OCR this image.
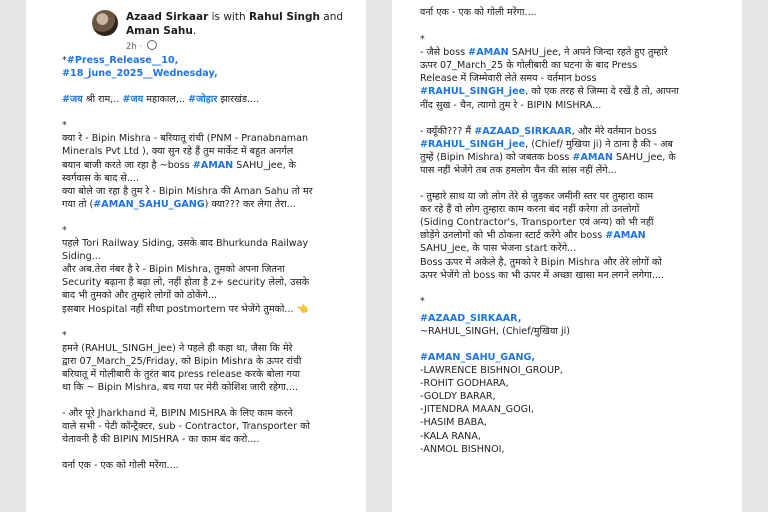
Azaad Sirkaar is with Rahul Singh and Aman Sahu.
2h ·

*#Press_Release__10,
#18_june_2025__Wednesday,

#जय श्री राम,.. #जय महाकाल,.. #जोहार झारखंड....

*
क्या रे - Bipin Mishra - बरियातू रांची (PNM - Pranabnaman
Minerals Pvt Ltd ), क्या सुन रहे हैं तुम मार्केट में बहुत अनर्गल
बयान बाजी करते जा रहा है ~boss #AMAN SAHU_jee, के
स्वर्गवास के बाद से....
क्या बोले जा रहा है तुम रे - Bipin Mishra की Aman Sahu तो मर
गया तो (#AMAN_SAHU_GANG) क्या??? कर लेगा तेरा...

*
पहले Tori Railway Siding, उसके बाद Bhurkunda Railway
Siding...
और अब.तेरा नंबर है रे - Bipin Mishra, तुमको अपना जितना
Security बढ़ाना है बढ़ा लो, नहीं होता है z+ security लेलो, उसके
बाद भी तुमको और तुम्हारे लोगों को ठोकेंगे...
इसबार Hospital नहीं सीधा postmortem पर भेजेंगे तुमको... 👈

*
हमने (RAHUL_SINGH_jee) ने पहले ही कहा था, जैसा कि मेरे
द्वारा 07_March_25/Friday, को Bipin Mishra के ऊपर रांची
बरियातू में गोलीबारी के तुरंत बाद press release करके बोला गया
था कि ~ Bipin Mishra, बच गया पर मेरी कोशिश जारी रहेगा....

- और पूरे Jharkhand में, BIPIN MISHRA के लिए काम करने
वाले सभी - पेटी कॉन्ट्रैक्टर, sub - Contractor, Transporter को
चेतावनी है की BIPIN MISHRA - का काम बंद करो....

वर्ना एक - एक को गोली मरेंगा....

वर्ना एक - एक को गोली मरेंगा....

*
- जैसे boss #AMAN SAHU_jee, ने अपने जिन्दा रहते हुए तुम्हारे
ऊपर 07_March_25 के गोलीबारी का घटना के बाद Press
Release में जिम्मेवारी लेते समय - वर्तमान boss
#RAHUL_SINGH_jee, को एक तरह से जिम्मा दे रखें है तो, आपना
नींद सुख - चैन, त्यागो तुम रे - BIPIN MISHRA...

- क्यूँकी??? मैं #AZAAD_SIRKAAR, और मेरे वर्तमान boss
#RAHUL_SINGH_jee, (Chief/ मुखिया ji) ने ठाना है की - अब
तुम्हें (Bipin Mishra) को जबतक boss #AMAN SAHU_jee, के
पास नहीं भेजेंगे तब तक हमलोग चैन की सांस नहीं लेंगे...

- तुम्हारे साथ या जो लोग तेरे से जुड़कर जमीनी स्तर पर तुम्हारा काम
कर रहे हैं वो लोग तुम्हारा काम करना बंद नहीं करेगा तो उनलोगों
(Siding Contractor's, Transporter एवं अन्य) को भी नहीं
छोड़ेंगे उनलोगों को भी ठोकना स्टार्ट करेंगे और boss #AMAN
SAHU_jee, के पास भेजना start करेंगे...
Boss ऊपर में अकेले है, तुमको रे Bipin Mishra और तेरे लोगों को
ऊपर भेजेंगे तो boss का भी ऊपर में अच्छा खासा मन लगने लगेगा....

*

#AZAAD_SIRKAAR,
~RAHUL_SINGH, (Chief/मुखिया ji)

#AMAN_SAHU_GANG,
-LAWRENCE BISHNOI_GROUP,
-ROHIT GODHARA,
-GOLDY BARAR,
-JITENDRA MAAN_GOGI,
-HASIM BABA,
-KALA RANA,
-ANMOL BISHNOI,
